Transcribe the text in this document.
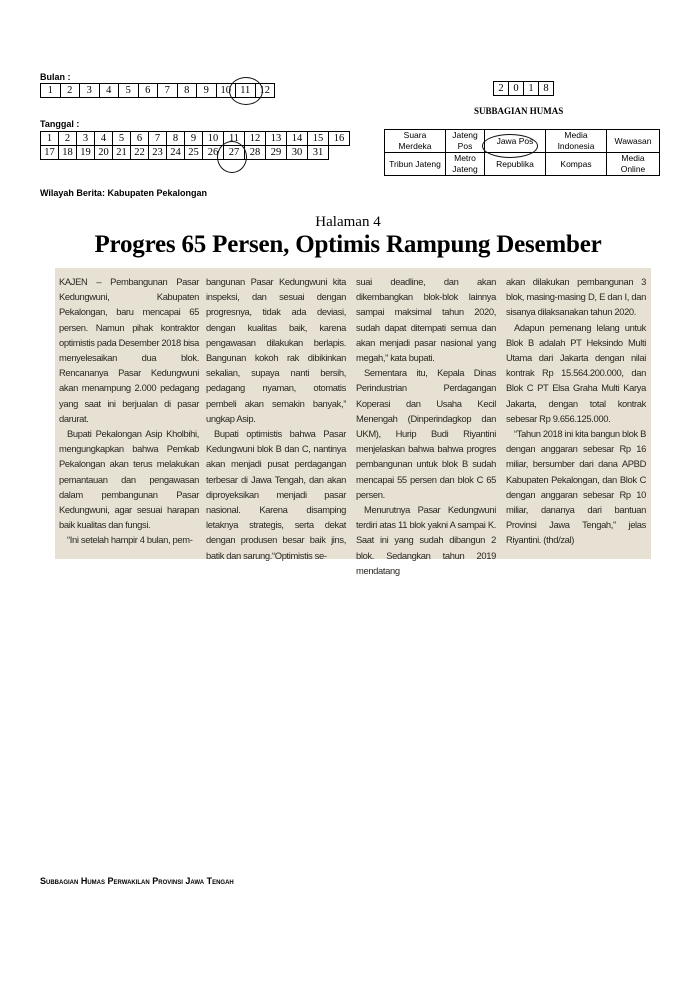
Bulan :
1	2	3	4	5	6	7	8	9	10	11	12	2	0	1	8
SUBBAGIAN HUMAS
Tanggal :
1	2	3	4	5	6	7	8	9	10	11	12	13	14	15	16
17	18	19	20	21	22	23	24	25	26	27	28	29	30	31	
Suara Merdeka	Jateng Pos	Jawa Pos	Media Indonesia	Wawasan
Tribun Jateng	Metro Jateng	Republika	Kompas	Media Online
Wilayah Berita: Kabupaten Pekalongan
Halaman 4
Progres 65 Persen, Optimis Rampung Desember

KAJEN – Pembangunan Pasar Kedungwuni, Kabupaten Pekalongan, baru mencapai 65 persen. Namun pihak kontraktor optimistis pada Desember 2018 bisa menyelesaikan dua blok. Rencananya Pasar Kedungwuni akan menampung 2.000 pedagang yang saat ini berjualan di pasar darurat.

Bupati Pekalongan Asip Kholbihi, mengungkapkan bahwa Pemkab Pekalongan akan terus melakukan pemantauan dan pengawasan dalam pembangunan Pasar Kedungwuni, agar sesuai harapan baik kualitas dan fungsi.

“Ini setelah hampir 4 bulan, pem-

bangunan Pasar Kedungwuni kita inspeksi, dan sesuai dengan progresnya, tidak ada deviasi, dengan kualitas baik, karena pengawasan dilakukan berlapis. Bangunan kokoh rak dibikinkan sekalian, supaya nanti bersih, pedagang nyaman, otomatis pembeli akan semakin banyak,” ungkap Asip.

Bupati optimistis bahwa Pasar Kedungwuni blok B dan C, nantinya akan menjadi pusat perdagangan terbesar di Jawa Tengah, dan akan diproyeksikan menjadi pasar nasional. Karena disamping letaknya strategis, serta dekat dengan produsen besar baik jins, batik dan sarung.“Optimistis se-

suai deadline, dan akan dikembangkan blok-blok lainnya sampai maksimal tahun 2020, sudah dapat ditempati semua dan akan menjadi pasar nasional yang megah,” kata bupati.

Sementara itu, Kepala Dinas Perindustrian Perdagangan Koperasi dan Usaha Kecil Menengah (Dinperindagkop dan UKM), Hurip Budi Riyantini menjelaskan bahwa bahwa progres pembangunan untuk blok B sudah mencapai 55 persen dan blok C 65 persen.

Menurutnya Pasar Kedungwuni terdiri atas 11 blok yakni A sampai K. Saat ini yang sudah dibangun 2 blok. Sedangkan tahun 2019 mendatang

akan dilakukan pembangunan 3 blok, masing-masing D, E dan I, dan sisanya dilaksanakan tahun 2020.

Adapun pemenang lelang untuk Blok B adalah PT Heksindo Multi Utama dari Jakarta dengan nilai kontrak Rp 15.564.200.000, dan Blok C PT Elsa Graha Multi Karya Jakarta, dengan total kontrak sebesar Rp 9.656.125.000.

“Tahun 2018 ini kita bangun blok B dengan anggaran sebesar Rp 16 miliar, bersumber dari dana APBD Kabupaten Pekalongan, dan Blok C dengan anggaran sebesar Rp 10 miliar, dananya dari bantuan Provinsi Jawa Tengah,” jelas Riyantini. (thd/zal)

Subbagian Humas Perwakilan Provinsi Jawa Tengah
